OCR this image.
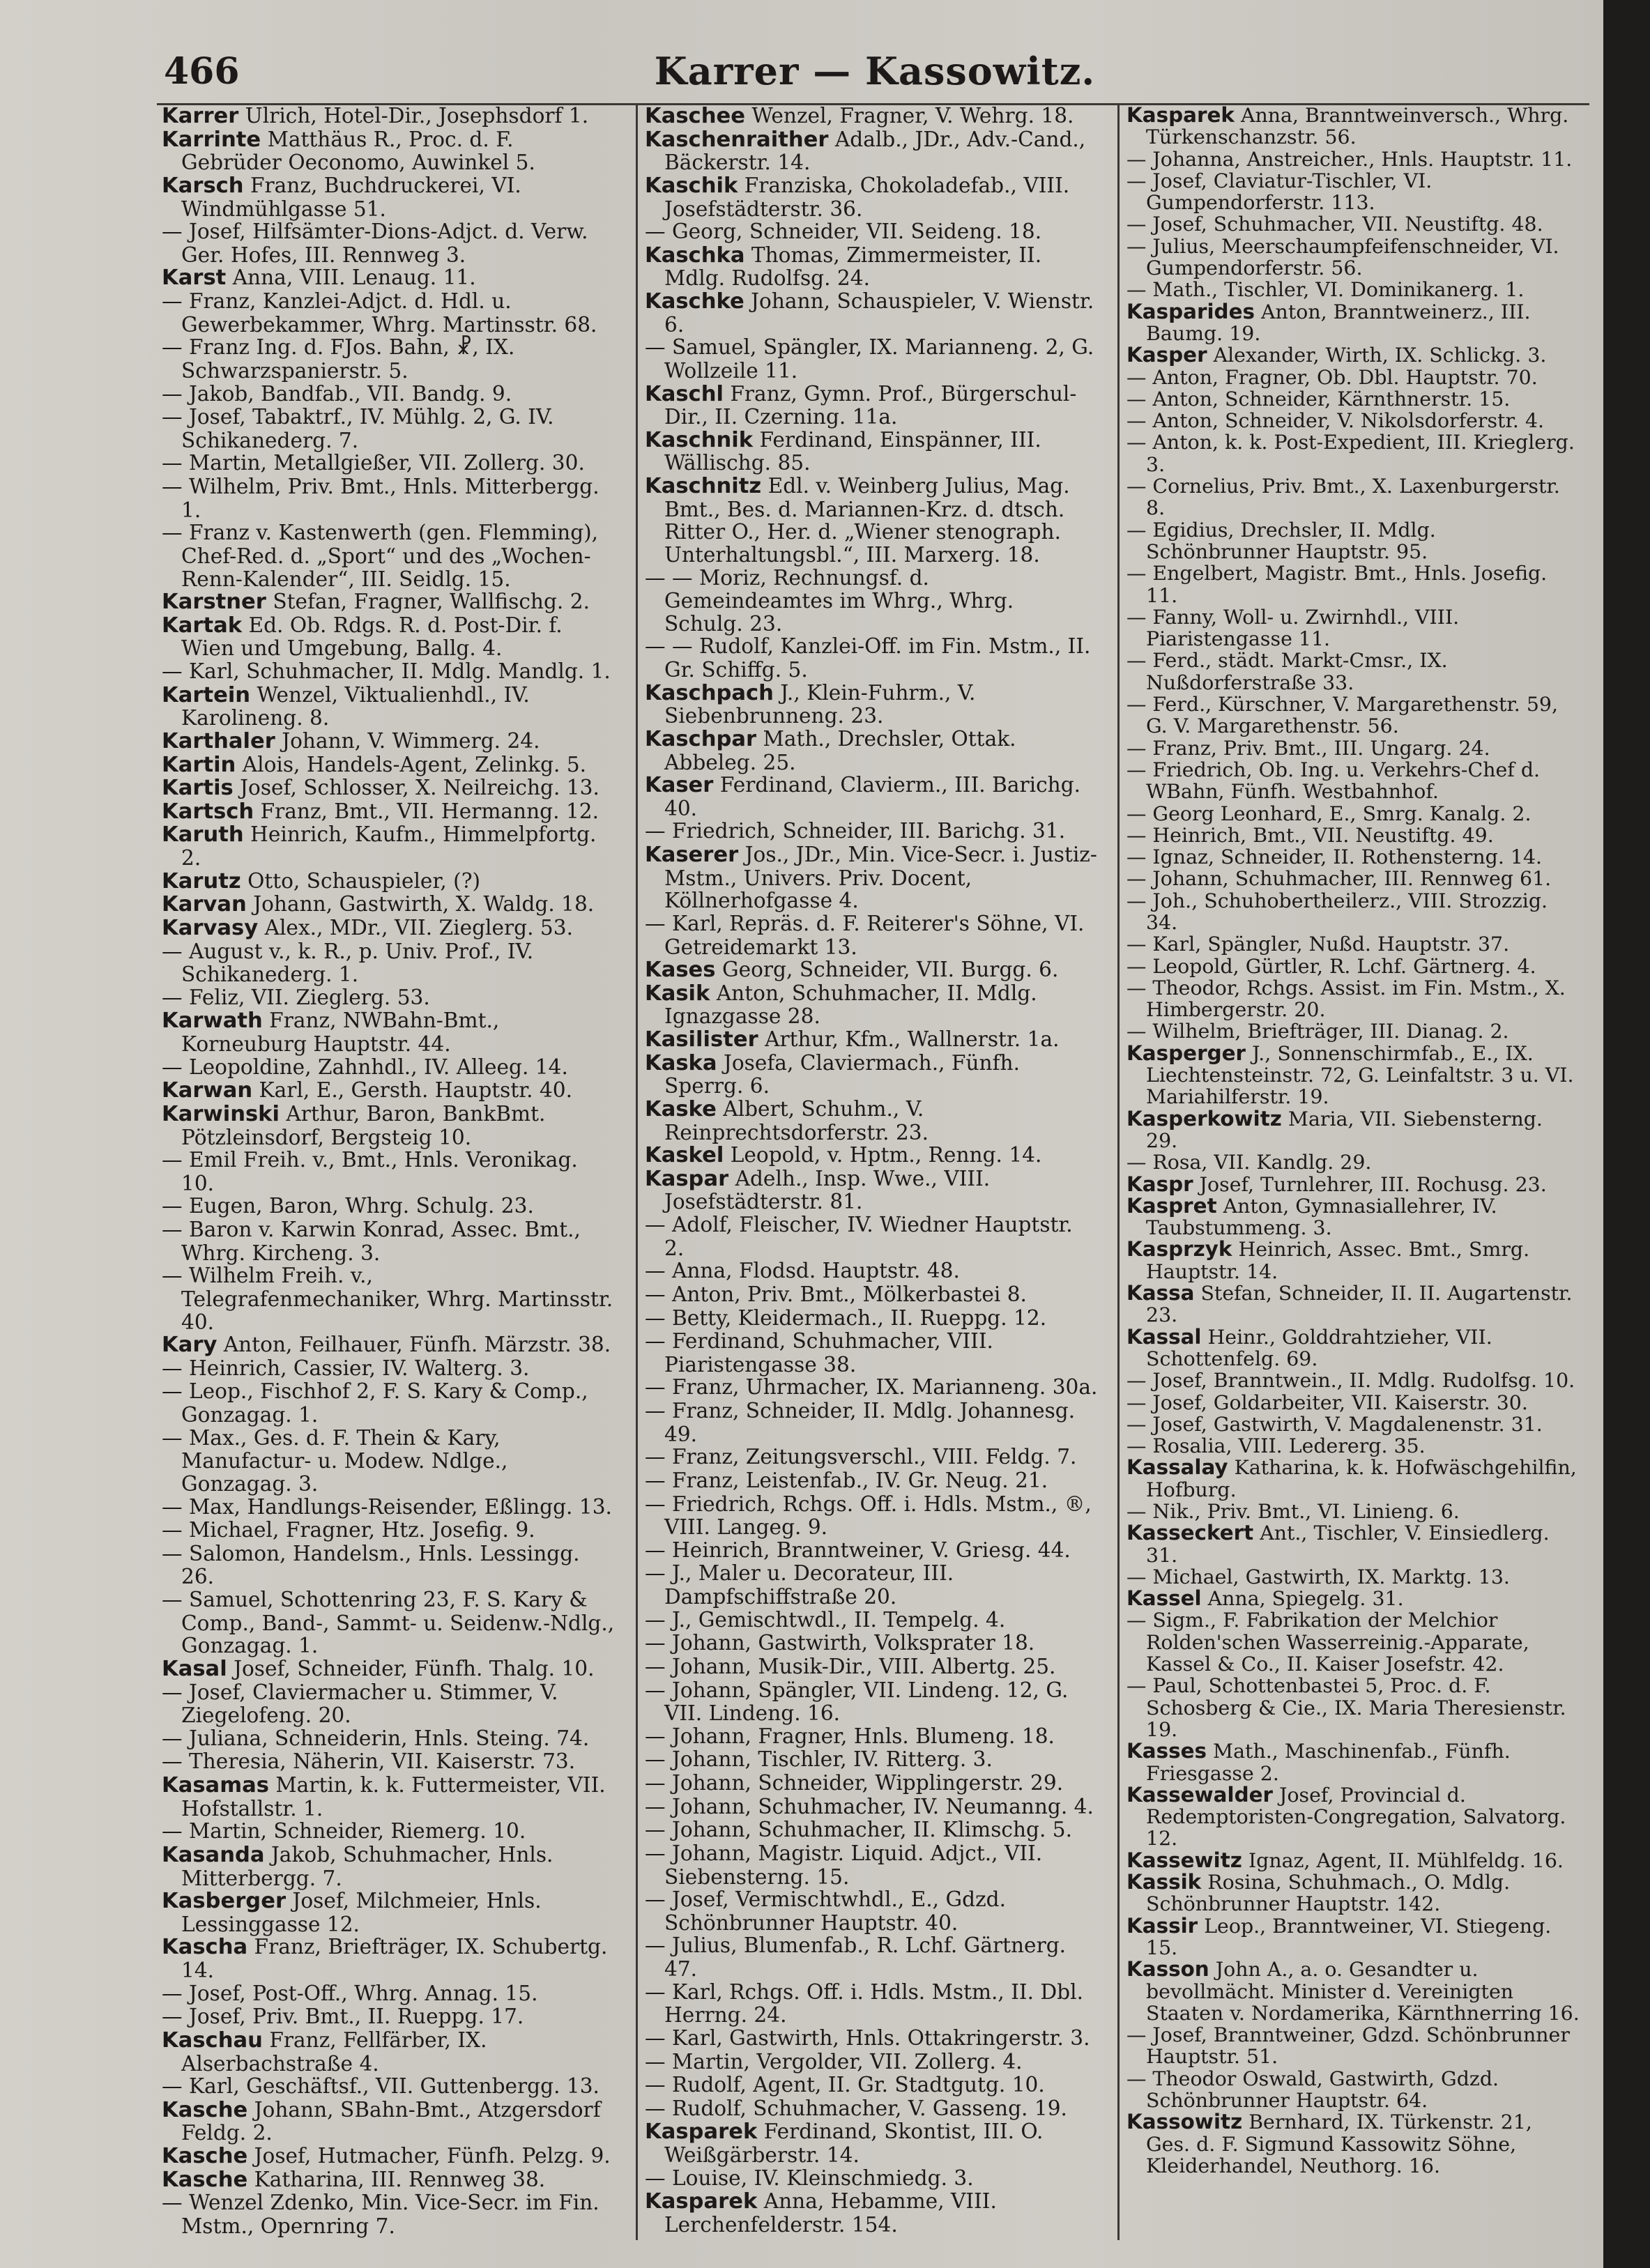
466	Karrer — Kassowitz.
Karrer Ulrich, Hotel-Dir., Josephsdorf 1.
Karrinte Matthäus R., Proc. d. F. Gebrüder Oeconomo, Auwinkel 5.
Karsch Franz, Buchdruckerei, VI. Windmühlgasse 51.
— Josef, Hilfsämter-Dions-Adjct. d. Verw. Ger. Hofes, III. Rennweg 3.
Karst Anna, VIII. Lenaug. 11.
— Franz, Kanzlei-Adjct. d. Hdl. u. Gewerbekammer, Whrg. Martinsstr. 68.
— Franz Ing. d. FJos. Bahn, ☧, IX. Schwarzspanierstr. 5.
— Jakob, Bandfab., VII. Bandg. 9.
— Josef, Tabaktrf., IV. Mühlg. 2, G. IV. Schikanederg. 7.
— Martin, Metallgießer, VII. Zollerg. 30.
— Wilhelm, Priv. Bmt., Hnls. Mitterbergg. 1.
— Franz v. Kastenwerth (gen. Flemming), Chef-Red. d. „Sport“ und des „Wochen-Renn-Kalender“, III. Seidlg. 15.
Karstner Stefan, Fragner, Wallfischg. 2.
Kartak Ed. Ob. Rdgs. R. d. Post-Dir. f. Wien und Umgebung, Ballg. 4.
— Karl, Schuhmacher, II. Mdlg. Mandlg. 1.
Kartein Wenzel, Viktualienhdl., IV. Karolineng. 8.
Karthaler Johann, V. Wimmerg. 24.
Kartin Alois, Handels-Agent, Zelinkg. 5.
Kartis Josef, Schlosser, X. Neilreichg. 13.
Kartsch Franz, Bmt., VII. Hermanng. 12.
Karuth Heinrich, Kaufm., Himmelpfortg. 2.
Karutz Otto, Schauspieler, (?)
Karvan Johann, Gastwirth, X. Waldg. 18.
Karvasy Alex., MDr., VII. Zieglerg. 53.
— August v., k. R., p. Univ. Prof., IV. Schikanederg. 1.
— Feliz, VII. Zieglerg. 53.
Karwath Franz, NWBahn-Bmt., Korneuburg Hauptstr. 44.
— Leopoldine, Zahnhdl., IV. Alleeg. 14.
Karwan Karl, E., Gersth. Hauptstr. 40.
Karwinski Arthur, Baron, BankBmt. Pötzleinsdorf, Bergsteig 10.
— Emil Freih. v., Bmt., Hnls. Veronikag. 10.
— Eugen, Baron, Whrg. Schulg. 23.
— Baron v. Karwin Konrad, Assec. Bmt., Whrg. Kircheng. 3.
— Wilhelm Freih. v., Telegrafenmechaniker, Whrg. Martinsstr. 40.
Kary Anton, Feilhauer, Fünfh. Märzstr. 38.
— Heinrich, Cassier, IV. Walterg. 3.
— Leop., Fischhof 2, F. S. Kary & Comp., Gonzagag. 1.
— Max., Ges. d. F. Thein & Kary, Manufactur- u. Modew. Ndlge., Gonzagag. 3.
— Max, Handlungs-Reisender, Eßlingg. 13.
— Michael, Fragner, Htz. Josefig. 9.
— Salomon, Handelsm., Hnls. Lessingg. 26.
— Samuel, Schottenring 23, F. S. Kary & Comp., Band-, Sammt- u. Seidenw.-Ndlg., Gonzagag. 1.
Kasal Josef, Schneider, Fünfh. Thalg. 10.
— Josef, Claviermacher u. Stimmer, V. Ziegelofeng. 20.
— Juliana, Schneiderin, Hnls. Steing. 74.
— Theresia, Näherin, VII. Kaiserstr. 73.
Kasamas Martin, k. k. Futtermeister, VII. Hofstallstr. 1.
— Martin, Schneider, Riemerg. 10.
Kasanda Jakob, Schuhmacher, Hnls. Mitterbergg. 7.
Kasberger Josef, Milchmeier, Hnls. Lessinggasse 12.
Kascha Franz, Briefträger, IX. Schubertg. 14.
— Josef, Post-Off., Whrg. Annag. 15.
— Josef, Priv. Bmt., II. Rueppg. 17.
Kaschau Franz, Fellfärber, IX. Alserbachstraße 4.
— Karl, Geschäftsf., VII. Guttenbergg. 13.
Kasche Johann, SBahn-Bmt., Atzgersdorf Feldg. 2.
Kasche Josef, Hutmacher, Fünfh. Pelzg. 9.
Kasche Katharina, III. Rennweg 38.
— Wenzel Zdenko, Min. Vice-Secr. im Fin. Mstm., Opernring 7.
Kaschee Wenzel, Fragner, V. Wehrg. 18.
Kaschenraither Adalb., JDr., Adv.-Cand., Bäckerstr. 14.
Kaschik Franziska, Chokoladefab., VIII. Josefstädterstr. 36.
— Georg, Schneider, VII. Seideng. 18.
Kaschka Thomas, Zimmermeister, II. Mdlg. Rudolfsg. 24.
Kaschke Johann, Schauspieler, V. Wienstr. 6.
— Samuel, Spängler, IX. Marianneng. 2, G. Wollzeile 11.
Kaschl Franz, Gymn. Prof., Bürgerschul-Dir., II. Czerning. 11a.
Kaschnik Ferdinand, Einspänner, III. Wällischg. 85.
Kaschnitz Edl. v. Weinberg Julius, Mag. Bmt., Bes. d. Mariannen-Krz. d. dtsch. Ritter O., Her. d. „Wiener stenograph. Unterhaltungsbl.“, III. Marxerg. 18.
— — Moriz, Rechnungsf. d. Gemeindeamtes im Whrg., Whrg. Schulg. 23.
— — Rudolf, Kanzlei-Off. im Fin. Mstm., II. Gr. Schiffg. 5.
Kaschpach J., Klein-Fuhrm., V. Siebenbrunneng. 23.
Kaschpar Math., Drechsler, Ottak. Abbeleg. 25.
Kaser Ferdinand, Clavierm., III. Barichg. 40.
— Friedrich, Schneider, III. Barichg. 31.
Kaserer Jos., JDr., Min. Vice-Secr. i. Justiz-Mstm., Univers. Priv. Docent, Köllnerhofgasse 4.
— Karl, Repräs. d. F. Reiterer's Söhne, VI. Getreidemarkt 13.
Kases Georg, Schneider, VII. Burgg. 6.
Kasik Anton, Schuhmacher, II. Mdlg. Ignazgasse 28.
Kasilister Arthur, Kfm., Wallnerstr. 1a.
Kaska Josefa, Claviermach., Fünfh. Sperrg. 6.
Kaske Albert, Schuhm., V. Reinprechtsdorferstr. 23.
Kaskel Leopold, v. Hptm., Renng. 14.
Kaspar Adelh., Insp. Wwe., VIII. Josefstädterstr. 81.
— Adolf, Fleischer, IV. Wiedner Hauptstr. 2.
— Anna, Flodsd. Hauptstr. 48.
— Anton, Priv. Bmt., Mölkerbastei 8.
— Betty, Kleidermach., II. Rueppg. 12.
— Ferdinand, Schuhmacher, VIII. Piaristengasse 38.
— Franz, Uhrmacher, IX. Marianneng. 30a.
— Franz, Schneider, II. Mdlg. Johannesg. 49.
— Franz, Zeitungsverschl., VIII. Feldg. 7.
— Franz, Leistenfab., IV. Gr. Neug. 21.
— Friedrich, Rchgs. Off. i. Hdls. Mstm., ®, VIII. Langeg. 9.
— Heinrich, Branntweiner, V. Griesg. 44.
— J., Maler u. Decorateur, III. Dampfschiffstraße 20.
— J., Gemischtwdl., II. Tempelg. 4.
— Johann, Gastwirth, Volksprater 18.
— Johann, Musik-Dir., VIII. Albertg. 25.
— Johann, Spängler, VII. Lindeng. 12, G. VII. Lindeng. 16.
— Johann, Fragner, Hnls. Blumeng. 18.
— Johann, Tischler, IV. Ritterg. 3.
— Johann, Schneider, Wipplingerstr. 29.
— Johann, Schuhmacher, IV. Neumanng. 4.
— Johann, Schuhmacher, II. Klimschg. 5.
— Johann, Magistr. Liquid. Adjct., VII. Siebensterng. 15.
— Josef, Vermischtwhdl., E., Gdzd. Schönbrunner Hauptstr. 40.
— Julius, Blumenfab., R. Lchf. Gärtnerg. 47.
— Karl, Rchgs. Off. i. Hdls. Mstm., II. Dbl. Herrng. 24.
— Karl, Gastwirth, Hnls. Ottakringerstr. 3.
— Martin, Vergolder, VII. Zollerg. 4.
— Rudolf, Agent, II. Gr. Stadtgutg. 10.
— Rudolf, Schuhmacher, V. Gasseng. 19.
Kasparek Ferdinand, Skontist, III. O. Weißgärberstr. 14.
— Louise, IV. Kleinschmiedg. 3.
Kasparek Anna, Hebamme, VIII. Lerchenfelderstr. 154.
Kasparek Anna, Branntweinversch., Whrg. Türkenschanzstr. 56.
— Johanna, Anstreicher., Hnls. Hauptstr. 11.
— Josef, Claviatur-Tischler, VI. Gumpendorferstr. 113.
— Josef, Schuhmacher, VII. Neustiftg. 48.
— Julius, Meerschaumpfeifenschneider, VI. Gumpendorferstr. 56.
— Math., Tischler, VI. Dominikanerg. 1.
Kasparides Anton, Branntweinerz., III. Baumg. 19.
Kasper Alexander, Wirth, IX. Schlickg. 3.
— Anton, Fragner, Ob. Dbl. Hauptstr. 70.
— Anton, Schneider, Kärnthnerstr. 15.
— Anton, Schneider, V. Nikolsdorferstr. 4.
— Anton, k. k. Post-Expedient, III. Krieglerg. 3.
— Cornelius, Priv. Bmt., X. Laxenburgerstr. 8.
— Egidius, Drechsler, II. Mdlg. Schönbrunner Hauptstr. 95.
— Engelbert, Magistr. Bmt., Hnls. Josefig. 11.
— Fanny, Woll- u. Zwirnhdl., VIII. Piaristengasse 11.
— Ferd., städt. Markt-Cmsr., IX. Nußdorferstraße 33.
— Ferd., Kürschner, V. Margarethenstr. 59, G. V. Margarethenstr. 56.
— Franz, Priv. Bmt., III. Ungarg. 24.
— Friedrich, Ob. Ing. u. Verkehrs-Chef d. WBahn, Fünfh. Westbahnhof.
— Georg Leonhard, E., Smrg. Kanalg. 2.
— Heinrich, Bmt., VII. Neustiftg. 49.
— Ignaz, Schneider, II. Rothensterng. 14.
— Johann, Schuhmacher, III. Rennweg 61.
— Joh., Schuhobertheilerz., VIII. Strozzig. 34.
— Karl, Spängler, Nußd. Hauptstr. 37.
— Leopold, Gürtler, R. Lchf. Gärtnerg. 4.
— Theodor, Rchgs. Assist. im Fin. Mstm., X. Himbergerstr. 20.
— Wilhelm, Briefträger, III. Dianag. 2.
Kasperger J., Sonnenschirmfab., E., IX. Liechtensteinstr. 72, G. Leinfaltstr. 3 u. VI. Mariahilferstr. 19.
Kasperkowitz Maria, VII. Siebensterng. 29.
— Rosa, VII. Kandlg. 29.
Kaspr Josef, Turnlehrer, III. Rochusg. 23.
Kaspret Anton, Gymnasiallehrer, IV. Taubstummeng. 3.
Kasprzyk Heinrich, Assec. Bmt., Smrg. Hauptstr. 14.
Kassa Stefan, Schneider, II. II. Augartenstr. 23.
Kassal Heinr., Golddrahtzieher, VII. Schottenfelg. 69.
— Josef, Branntwein., II. Mdlg. Rudolfsg. 10.
— Josef, Goldarbeiter, VII. Kaiserstr. 30.
— Josef, Gastwirth, V. Magdalenenstr. 31.
— Rosalia, VIII. Ledererg. 35.
Kassalay Katharina, k. k. Hofwäschgehilfin, Hofburg.
— Nik., Priv. Bmt., VI. Linieng. 6.
Kasseckert Ant., Tischler, V. Einsiedlerg. 31.
— Michael, Gastwirth, IX. Marktg. 13.
Kassel Anna, Spiegelg. 31.
— Sigm., F. Fabrikation der Melchior Rolden'schen Wasserreinig.-Apparate, Kassel & Co., II. Kaiser Josefstr. 42.
— Paul, Schottenbastei 5, Proc. d. F. Schosberg & Cie., IX. Maria Theresienstr. 19.
Kasses Math., Maschinenfab., Fünfh. Friesgasse 2.
Kassewalder Josef, Provincial d. Redemptoristen-Congregation, Salvatorg. 12.
Kassewitz Ignaz, Agent, II. Mühlfeldg. 16.
Kassik Rosina, Schuhmach., O. Mdlg. Schönbrunner Hauptstr. 142.
Kassir Leop., Branntweiner, VI. Stiegeng. 15.
Kasson John A., a. o. Gesandter u. bevollmächt. Minister d. Vereinigten Staaten v. Nordamerika, Kärnthnerring 16.
— Josef, Branntweiner, Gdzd. Schönbrunner Hauptstr. 51.
— Theodor Oswald, Gastwirth, Gdzd. Schönbrunner Hauptstr. 64.
Kassowitz Bernhard, IX. Türkenstr. 21, Ges. d. F. Sigmund Kassowitz Söhne, Kleiderhandel, Neuthorg. 16.
